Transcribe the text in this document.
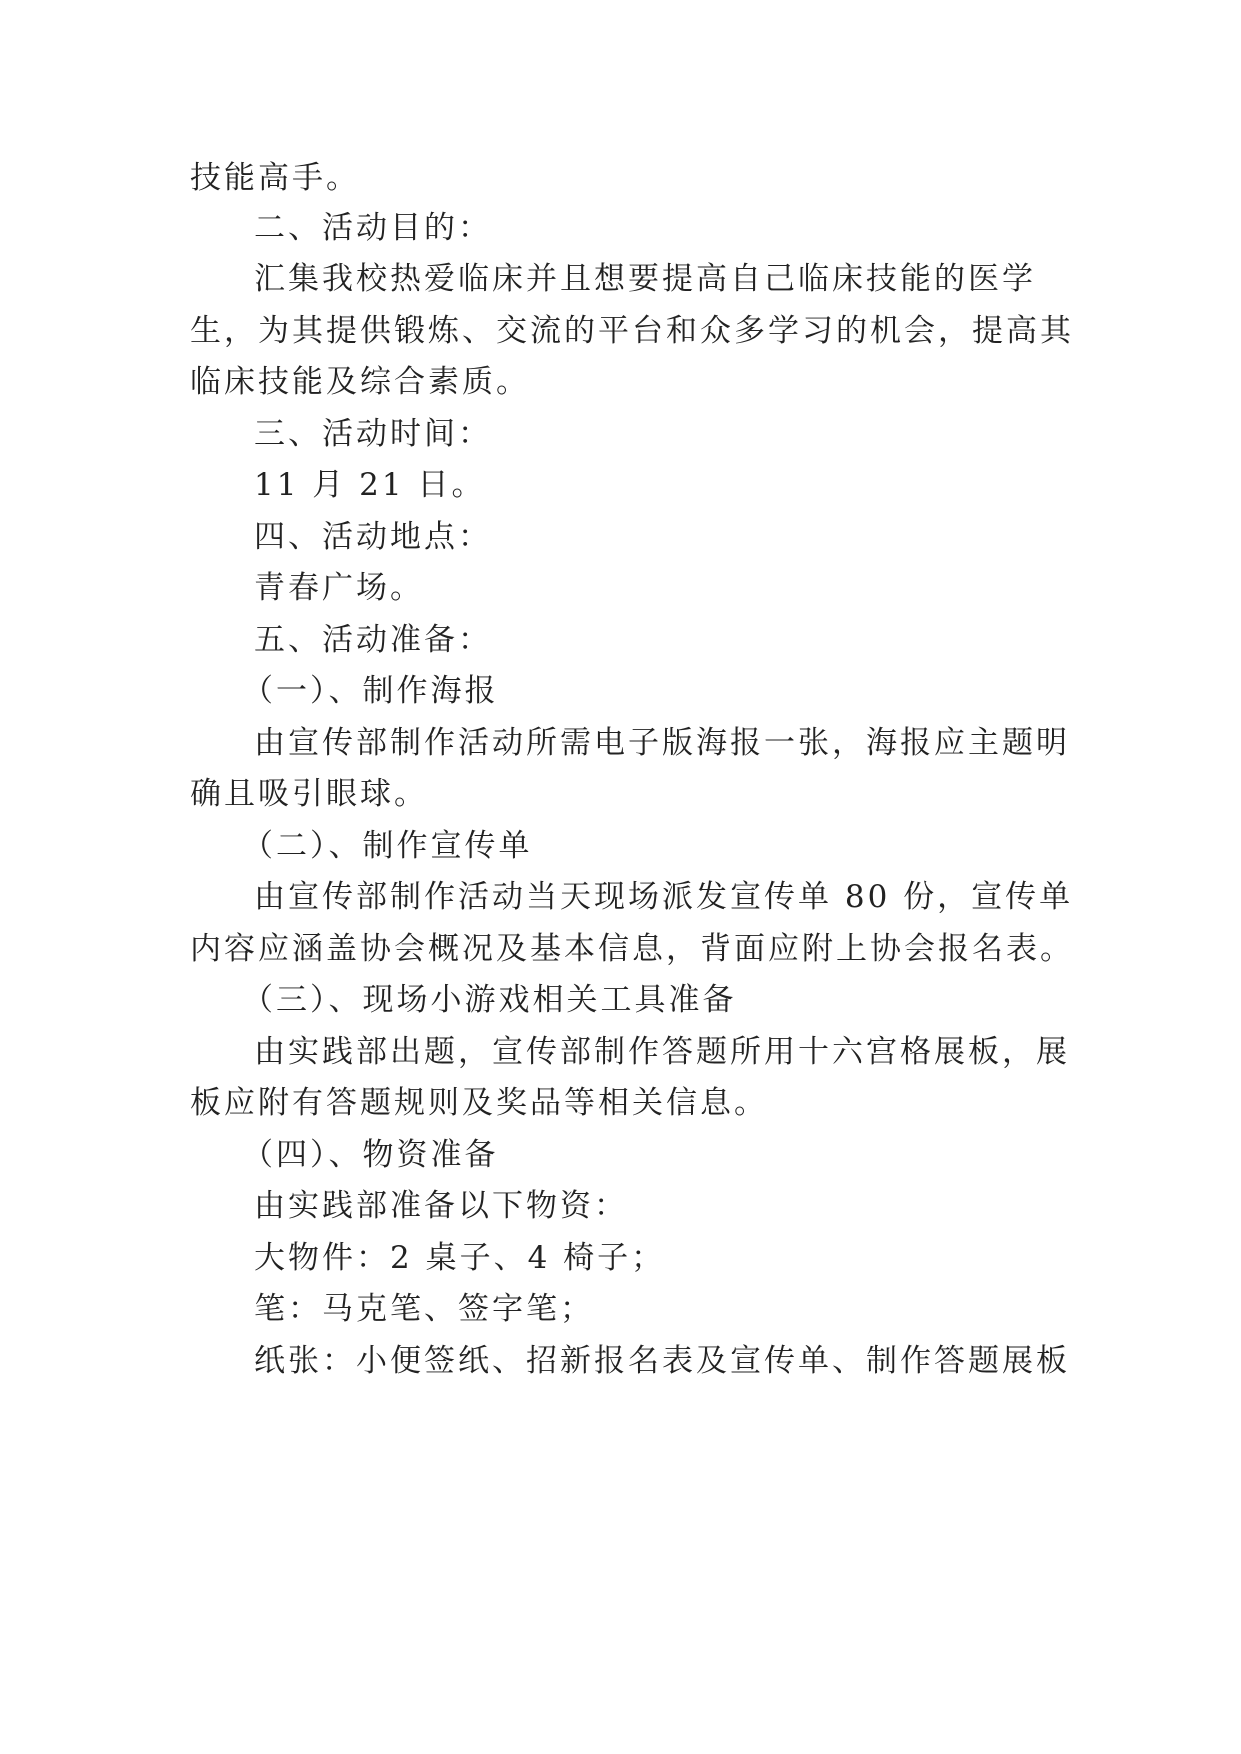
技能高手。
二、活动目的：
汇集我校热爱临床并且想要提高自己临床技能的医学
生，为其提供锻炼、交流的平台和众多学习的机会，提高其
临床技能及综合素质。
三、活动时间：
11 月 21 日。
四、活动地点：
青春广场。
五、活动准备：
（一）、制作海报
由宣传部制作活动所需电子版海报一张，海报应主题明
确且吸引眼球。
（二）、制作宣传单
由宣传部制作活动当天现场派发宣传单 80 份，宣传单
内容应涵盖协会概况及基本信息，背面应附上协会报名表。
（三）、现场小游戏相关工具准备
由实践部出题，宣传部制作答题所用十六宫格展板，展
板应附有答题规则及奖品等相关信息。
（四）、物资准备
由实践部准备以下物资：
大物件：2 桌子、4 椅子；
笔：马克笔、签字笔；
纸张：小便签纸、招新报名表及宣传单、制作答题展板
